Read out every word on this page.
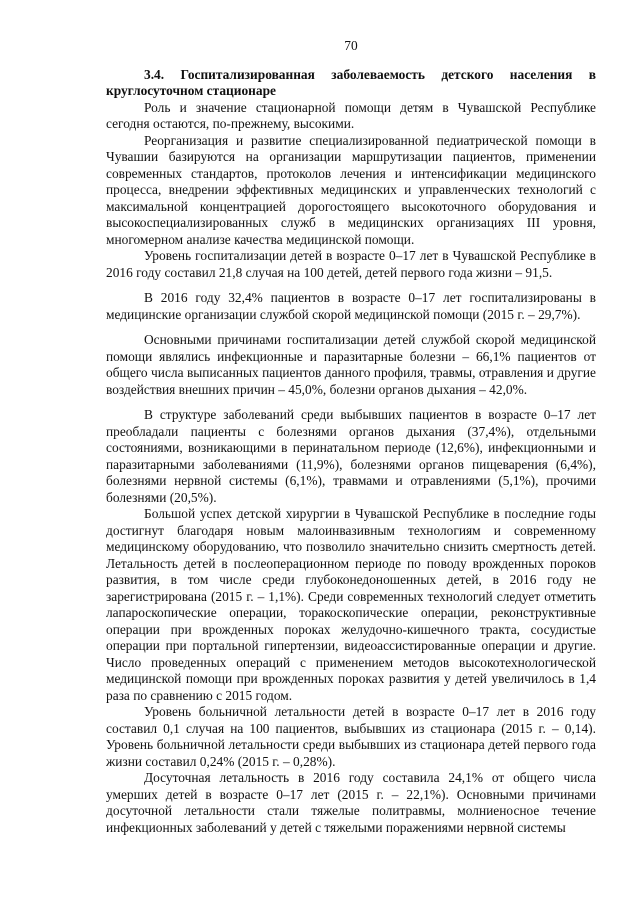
70
3.4. Госпитализированная заболеваемость детского населения в круглосуточном стационаре
Роль и значение стационарной помощи детям в Чувашской Республике сегодня остаются, по-прежнему, высокими.
Реорганизация и развитие специализированной педиатрической помощи в Чувашии базируются на организации маршрутизации пациентов, применении современных стандартов, протоколов лечения и интенсификации медицинского процесса, внедрении эффективных медицинских и управленческих технологий с максимальной концентрацией дорогостоящего высокоточного оборудования и высокоспециализированных служб в медицинских организациях III уровня, многомерном анализе качества медицинской помощи.
Уровень госпитализации детей в возрасте 0–17 лет в Чувашской Республике в 2016 году составил 21,8 случая на 100 детей, детей первого года жизни – 91,5.
В 2016 году 32,4% пациентов в возрасте 0–17 лет госпитализированы в медицинские организации службой скорой медицинской помощи (2015 г. – 29,7%).
Основными причинами госпитализации детей службой скорой медицинской помощи являлись инфекционные и паразитарные болезни – 66,1% пациентов от общего числа выписанных пациентов данного профиля, травмы, отравления и другие воздействия внешних причин – 45,0%, болезни органов дыхания – 42,0%.
В структуре заболеваний среди выбывших пациентов в возрасте 0–17 лет преобладали пациенты с болезнями органов дыхания (37,4%), отдельными состояниями, возникающими в перинатальном периоде (12,6%), инфекционными и паразитарными заболеваниями (11,9%), болезнями органов пищеварения (6,4%), болезнями нервной системы (6,1%), травмами и отравлениями (5,1%), прочими болезнями (20,5%).
Большой успех детской хирургии в Чувашской Республике в последние годы достигнут благодаря новым малоинвазивным технологиям и современному медицинскому оборудованию, что позволило значительно снизить смертность детей. Летальность детей в послеоперационном периоде по поводу врожденных пороков развития, в том числе среди глубоконедоношенных детей, в 2016 году не зарегистрирована (2015 г. – 1,1%). Среди современных технологий следует отметить лапароскопические операции, торакоскопические операции, реконструктивные операции при врожденных пороках желудочно-кишечного тракта, сосудистые операции при портальной гипертензии, видеоассистированные операции и другие. Число проведенных операций с применением методов высокотехнологической медицинской помощи при врожденных пороках развития у детей увеличилось в 1,4 раза по сравнению с 2015 годом.
Уровень больничной летальности детей в возрасте 0–17 лет в 2016 году составил 0,1 случая на 100 пациентов, выбывших из стационара (2015 г. – 0,14). Уровень больничной летальности среди выбывших из стационара детей первого года жизни составил 0,24% (2015 г. – 0,28%).
Досуточная летальность в 2016 году составила 24,1% от общего числа умерших детей в возрасте 0–17 лет (2015 г. – 22,1%). Основными причинами досуточной летальности стали тяжелые политравмы, молниеносное течение инфекционных заболеваний у детей с тяжелыми поражениями нервной системы
